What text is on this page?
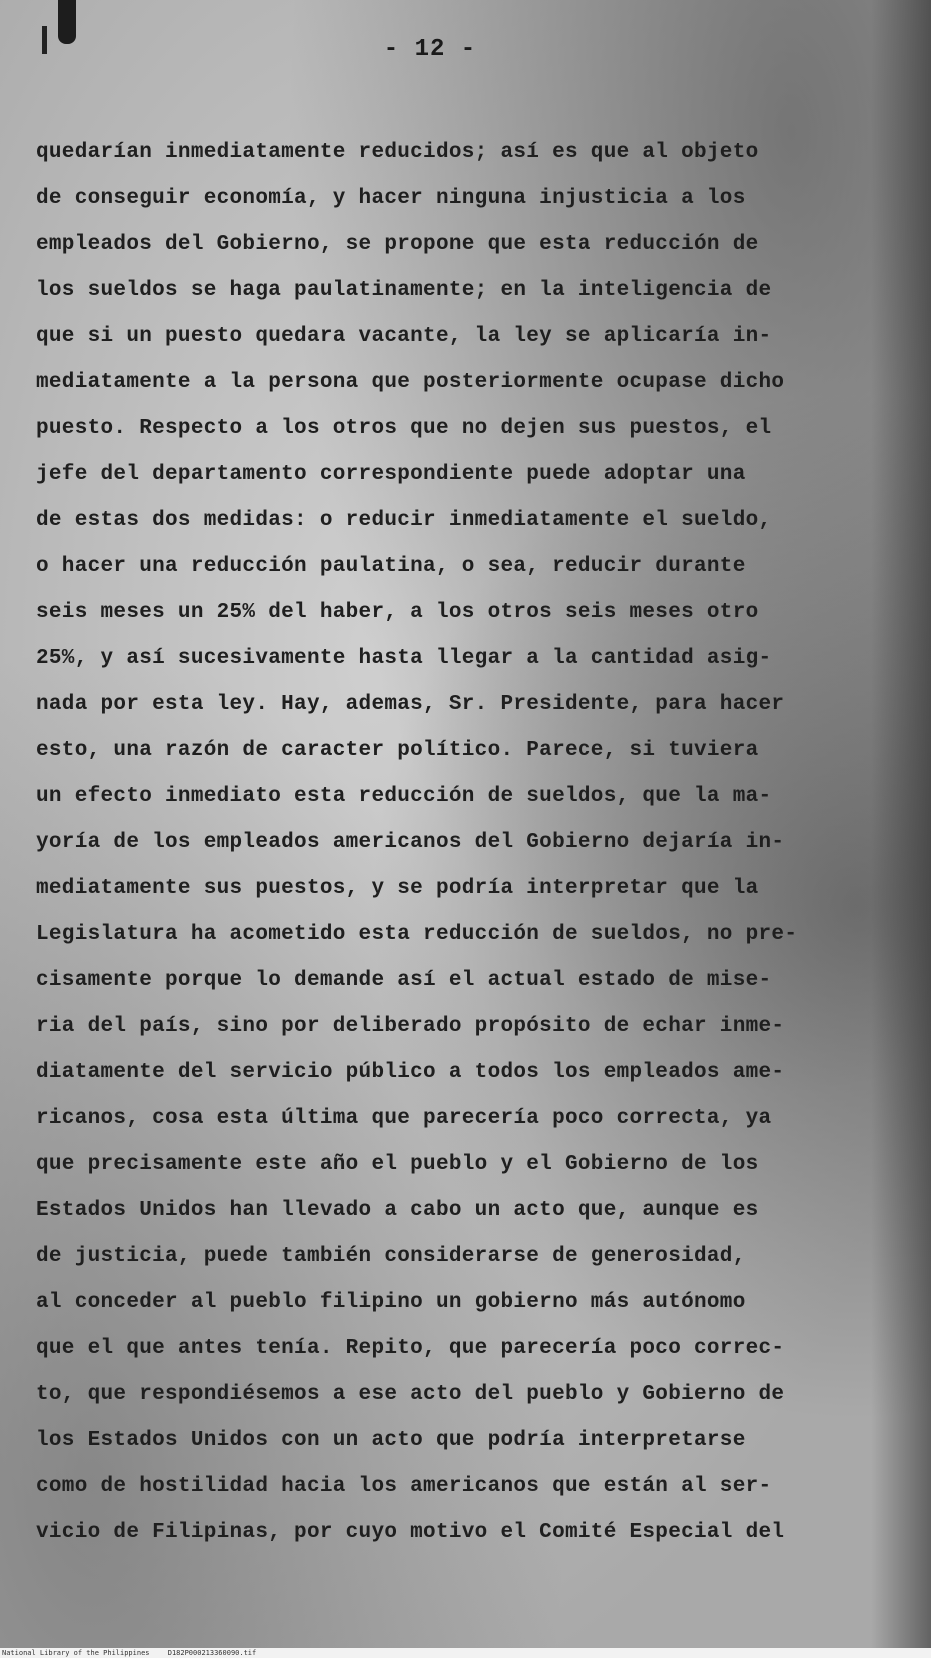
- 12 -
quedarían inmediatamente reducidos; así es que al objeto
de conseguir economía, y hacer ninguna injusticia a los
empleados del Gobierno, se propone que esta reducción de
los sueldos se haga paulatinamente; en la inteligencia de
que si un puesto quedara vacante, la ley se aplicaría in-
mediatamente a la persona que posteriormente ocupase dicho
puesto. Respecto a los otros que no dejen sus puestos, el
jefe del departamento correspondiente puede adoptar una
de estas dos medidas: o reducir inmediatamente el sueldo,
o hacer una reducción paulatina, o sea, reducir durante
seis meses un 25% del haber, a los otros seis meses otro
25%, y así sucesivamente hasta llegar a la cantidad asig-
nada por esta ley. Hay, ademas, Sr. Presidente, para hacer
esto, una razón de caracter político. Parece, si tuviera
un efecto inmediato esta reducción de sueldos, que la ma-
yoría de los empleados americanos del Gobierno dejaría in-
mediatamente sus puestos, y se podría interpretar que la
Legislatura ha acometido esta reducción de sueldos, no pre-
cisamente porque lo demande así el actual estado de mise-
ria del país, sino por deliberado propósito de echar inme-
diatamente del servicio público a todos los empleados ame-
ricanos, cosa esta última que parecería poco correcta, ya
que precisamente este año el pueblo y el Gobierno de los
Estados Unidos han llevado a cabo un acto que, aunque es
de justicia, puede también considerarse de generosidad,
al conceder al pueblo filipino un gobierno más autónomo
que el que antes tenía. Repito, que parecería poco correc-
to, que respondiésemos a ese acto del pueblo y Gobierno de
los Estados Unidos con un acto que podría interpretarse
como de hostilidad hacia los americanos que están al ser-
vicio de Filipinas, por cuyo motivo el Comité Especial del
National Library of the Philippines	D182P000213360090.tif
